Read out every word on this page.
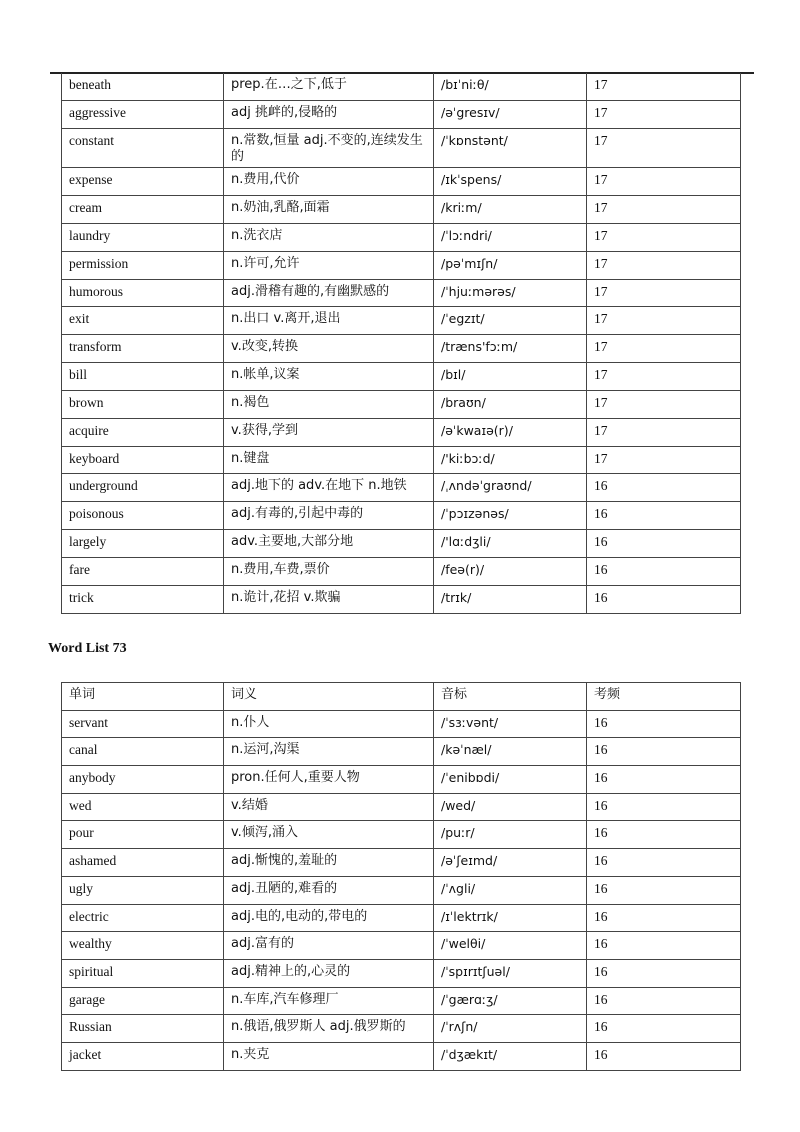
beneath	prep.在…之下,低于	/bɪˈniːθ/	17
aggressive	adj 挑衅的,侵略的	/əˈgresɪv/	17
constant	n.常数,恒量 adj.不变的,连续发生的	/ˈkɒnstənt/	17
expense	n.费用,代价	/ɪkˈspens/	17
cream	n.奶油,乳酪,面霜	/kriːm/	17
laundry	n.洗衣店	/ˈlɔːndri/	17
permission	n.许可,允许	/pəˈmɪʃn/	17
humorous	adj.滑稽有趣的,有幽默感的	/ˈhjuːmərəs/	17
exit	n.出口 v.离开,退出	/ˈegzɪt/	17
transform	v.改变,转换	/træns'fɔːm/	17
bill	n.帐单,议案	/bɪl/	17
brown	n.褐色	/braʊn/	17
acquire	v.获得,学到	/əˈkwaɪə(r)/	17
keyboard	n.键盘	/'kiːbɔːd/	17
underground	adj.地下的 adv.在地下 n.地铁	/ˌʌndəˈgraʊnd/	16
poisonous	adj.有毒的,引起中毒的	/ˈpɔɪzənəs/	16
largely	adv.主要地,大部分地	/'lɑːdʒli/	16
fare	n.费用,车费,票价	/feə(r)/	16
trick	n.诡计,花招 v.欺骗	/trɪk/	16
Word List 73
单词	词义	音标	考频
servant	n.仆人	/ˈsɜːvənt/	16
canal	n.运河,沟渠	/kəˈnæl/	16
anybody	pron.任何人,重要人物	/ˈenibɒdi/	16
wed	v.结婚	/wed/	16
pour	v.倾泻,涌入	/puːr/	16
ashamed	adj.惭愧的,羞耻的	/əˈʃeɪmd/	16
ugly	adj.丑陋的,难看的	/ˈʌgli/	16
electric	adj.电的,电动的,带电的	/ɪˈlektrɪk/	16
wealthy	adj.富有的	/ˈwelθi/	16
spiritual	adj.精神上的,心灵的	/ˈspɪrɪtʃuəl/	16
garage	n.车库,汽车修理厂	/ˈgærɑːʒ/	16
Russian	n.俄语,俄罗斯人 adj.俄罗斯的	/ˈrʌʃn/	16
jacket	n.夹克	/ˈdʒækɪt/	16
